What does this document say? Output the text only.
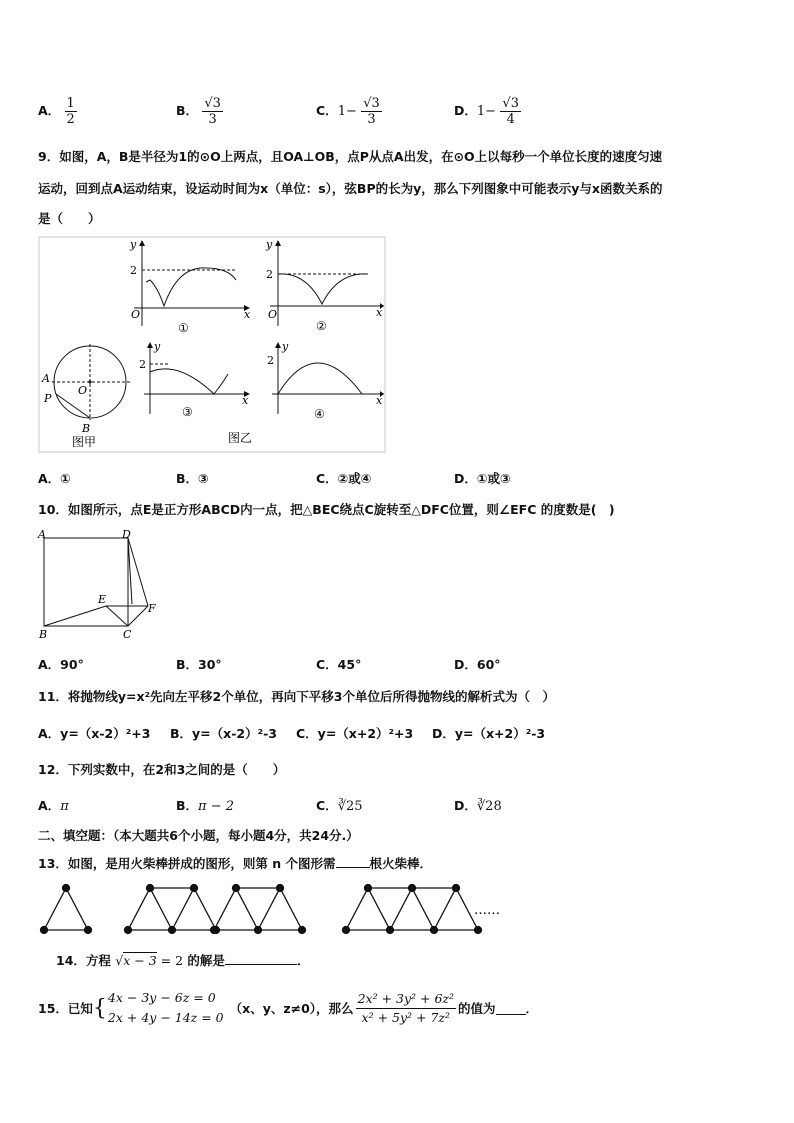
A． $\frac{1}{2}$	B． $\frac{√3}{3}$	C．$1- \frac{√3}{3}$	D．$1- \frac{√3}{4}$
9．如图，A，B是半径为1的⊙O上两点，且OA⊥OB，点P从点A出发，在⊙O上以每秒一个单位长度的速度匀速
运动，回到点A运动结束，设运动时间为x（单位：s），弦BP的长为y，那么下列图象中可能表示y与x函数关系的
是（　　）
y
2
O	x
①
y
2
O	x
②
A
P
O
B
图甲
y
2
x
③
图乙
y
2
x
④
A．①	B．③	C．②或④	D．①或③
10．如图所示，点E是正方形ABCD内一点，把△BEC绕点C旋转至△DFC位置，则∠EFC 的度数是(　)
A	D
E
F
B	C
A．90°	B．30°	C．45°	D．60°
11．将抛物线y=x²先向左平移2个单位，再向下平移3个单位后所得抛物线的解析式为（　）
A．y=（x-2）²+3 B．y=（x-2）²-3 C．y=（x+2）²+3 D．y=（x+2）²-3
12．下列实数中，在2和3之间的是（　　）
A．π	B．π − 2	C．∛25	D．∛28
二、填空题：（本大题共6个小题，每小题4分，共24分.）
13．如图，是用火柴棒拼成的图形，则第 n 个图形需	根火柴棒．
……
14．方程 √x − 3 = 2 的解是	．
15．已知 { 4x − 3y − 6z = 0
2x + 4y − 14z = 0
（x、y、z≠0），那么 $\frac{\text{2x² + 3y² + 6z²}}{\text{x² + 5y² + 7z²}}$ 的值为 ．
